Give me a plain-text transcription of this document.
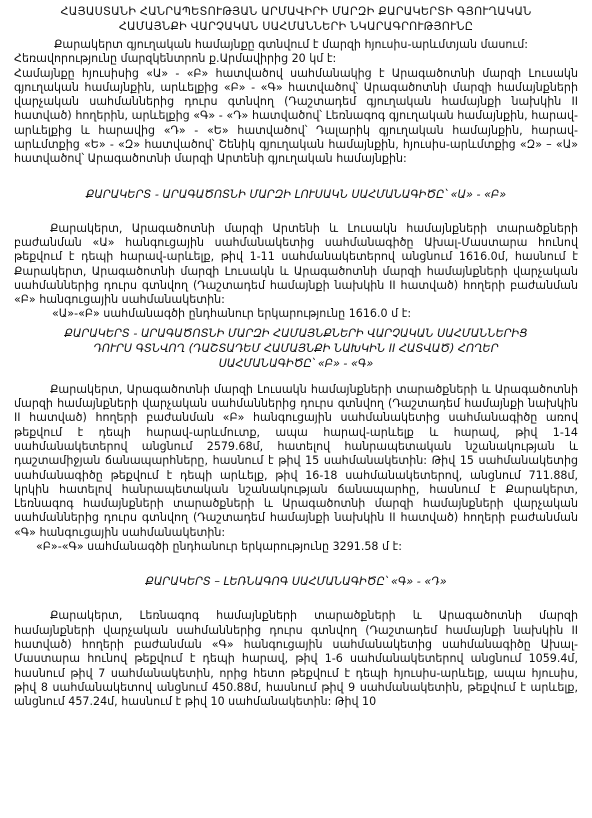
ՀԱՅԱՍՏԱՆԻ ՀԱՆՐԱՊԵՏՈՒԹՅԱՆ ԱՐՄԱՎԻՐԻ ՄԱՐԶԻ ՔԱՐԱԿԵՐՏԻ ԳՅՈՒՂԱԿԱՆ

ՀԱՄԱՅՆՔԻ ՎԱՐՉԱԿԱՆ ՍԱՀՄԱՆՆԵՐԻ ՆԿԱՐԱԳՐՈՒԹՅՈՒՆԸ

Քարակերտ գյուղական համայնքը գտնվում է մարզի հյուսիս-արևմտյան մասում:

Հեռավորությունը մարզկենտրոն ք.Արմավիրից 20 կմ է:

Համայնքը հյուսիսից «Ա» - «Բ» հատվածով սահմանակից է Արագածոտնի մարզի Լուսակն գյուղական համայնքին, արևելքից «Բ» - «Գ» հատվածով՝ Արագածոտնի մարզի համայնքների վարչական սահմաններից դուրս գտնվող (Դաշտադեմ գյուղական համայնքի նախկին II հատված) հողերին, արևելքից «Գ» - «Դ» հատվածով՝ Լեռնագոգ գյուղական համայնքին, հարավ-արևելքից և հարավից «Դ» - «Ե» հատվածով՝ Դալարիկ գյուղական համայնքին, հարավ-արևմտքից «Ե» - «Զ» հատվածով՝ Շենիկ գյուղական համայնքին, հյուսիս-արևմտքից «Զ» – «Ա» հատվածով՝ Արագածոտնի մարզի Արտենի գյուղական համայնքին:

ՔԱՐԱԿԵՐՏ - ԱՐԱԳԱԾՈՏՆԻ ՄԱՐԶԻ ԼՈՒՍԱԿՆ ՍԱՀՄԱՆԱԳԻԾԸ՝ «Ա» - «Բ»

Քարակերտ, Արագածոտնի մարզի Արտենի և Լուսակն համայնքների տարածքների բաժանման «Ա» հանգուցային սահմանակետից սահմանագիծը Ախալ-Մաստարա հունով թեքվում է դեպի հարավ-արևելք, թիվ 1-11 սահմանակետերով անցնում 1616.0մ, hասնում է Քարակերտ, Արագածոտնի մարզի Լուսակն և Արագածոտնի մարզի համայնքների վարչական սահմաններից դուրս գտնվող (Դաշտադեմ համայնքի նախկին II հատված) հողերի բաժանման «Բ» հանգուցային սահմանակետին:

«Ա»-«Բ» սահմանագծի ընդհանուր երկարությունը 1616.0 մ է:

ՔԱՐԱԿԵՐՏ - ԱՐԱԳԱԾՈՏՆԻ ՄԱՐԶԻ ՀԱՄԱՅՆՔՆԵՐԻ ՎԱՐՉԱԿԱՆ ՍԱՀՄԱՆՆԵՐԻՑ

ԴՈՒՐՍ ԳՏՆՎՈՂ (ԴԱՇՏԱԴԵՄ ՀԱՄԱՅՆՔԻ ՆԱԽԿԻՆ II ՀԱՏՎԱԾ) ՀՈՂԵՐ

ՍԱՀՄԱՆԱԳԻԾԸ՝ «Բ» - «Գ»

Քարակերտ, Արագածոտնի մարզի Լուսակն համայնքների տարածքների և Արագածոտնի մարզի համայնքների վարչական սահմաններից դուրս գտնվող (Դաշտադեմ համայնքի նախկին II հատված) հողերի բաժանման «Բ» հանգուցային սահմանակետից սահմանագիծը առով թեքվում է դեպի հարավ-արևմուտք, ապա հարավ-արևելք և հարավ, թիվ 1-14 սահմանակետերով անցնում 2579.68մ, hատելով հանրապետական նշանակության և դաշտամիջյան ճանապարհները, hասնում է թիվ 15 սահմանակետին: Թիվ 15 սահմանակետից սահմանագիծը թեքվում է դեպի արևելք, թիվ 16-18 սահմանակետերով, անցնում 711.88մ, կրկին hատելով hանրապետական նշանակության ճանապարհը, hասնում է Քարակերտ, Լեռնագոգ համայնքների տարածքների և Արագածոտնի մարզի համայնքների վարչական սահմաններից դուրս գտնվող (Դաշտադեմ համայնքի նախկին II հատված) հողերի բաժանման «Գ» հանգուցային սահմանակետին:

«Բ»-«Գ» սահմանագծի ընդհանուր երկարությունը 3291.58 մ է:

ՔԱՐԱԿԵՐՏ – ԼԵՌՆԱԳՈԳ ՍԱՀՄԱՆԱԳԻԾԸ՝ «Գ» - «Դ»

Քարակերտ, Լեռնագոգ համայնքների տարածքների և Արագածոտնի մարզի համայնքների վարչական սահմաններից դուրս գտնվող (Դաշտադեմ համայնքի նախկին II հատված) հողերի բաժանման «Գ» հանգուցային սահմանակետից սահմանագիծը Ախալ-Մաստարա հունով թեքվում է դեպի հարավ, թիվ 1-6 սահմանակետերով անցնում 1059.4մ, hասնում թիվ 7 սահմանակետին, որից հետո թեքվում է դեպի հյուսիս-արևելք, ապա հյուսիս, թիվ 8 սահմանակետով անցնում 450.88մ, hասնում թիվ 9 սահմանակետին, թեքվում է արևելք, անցնում 457.24մ, hասնում է թիվ 10 սահմանակետին: Թիվ 10
